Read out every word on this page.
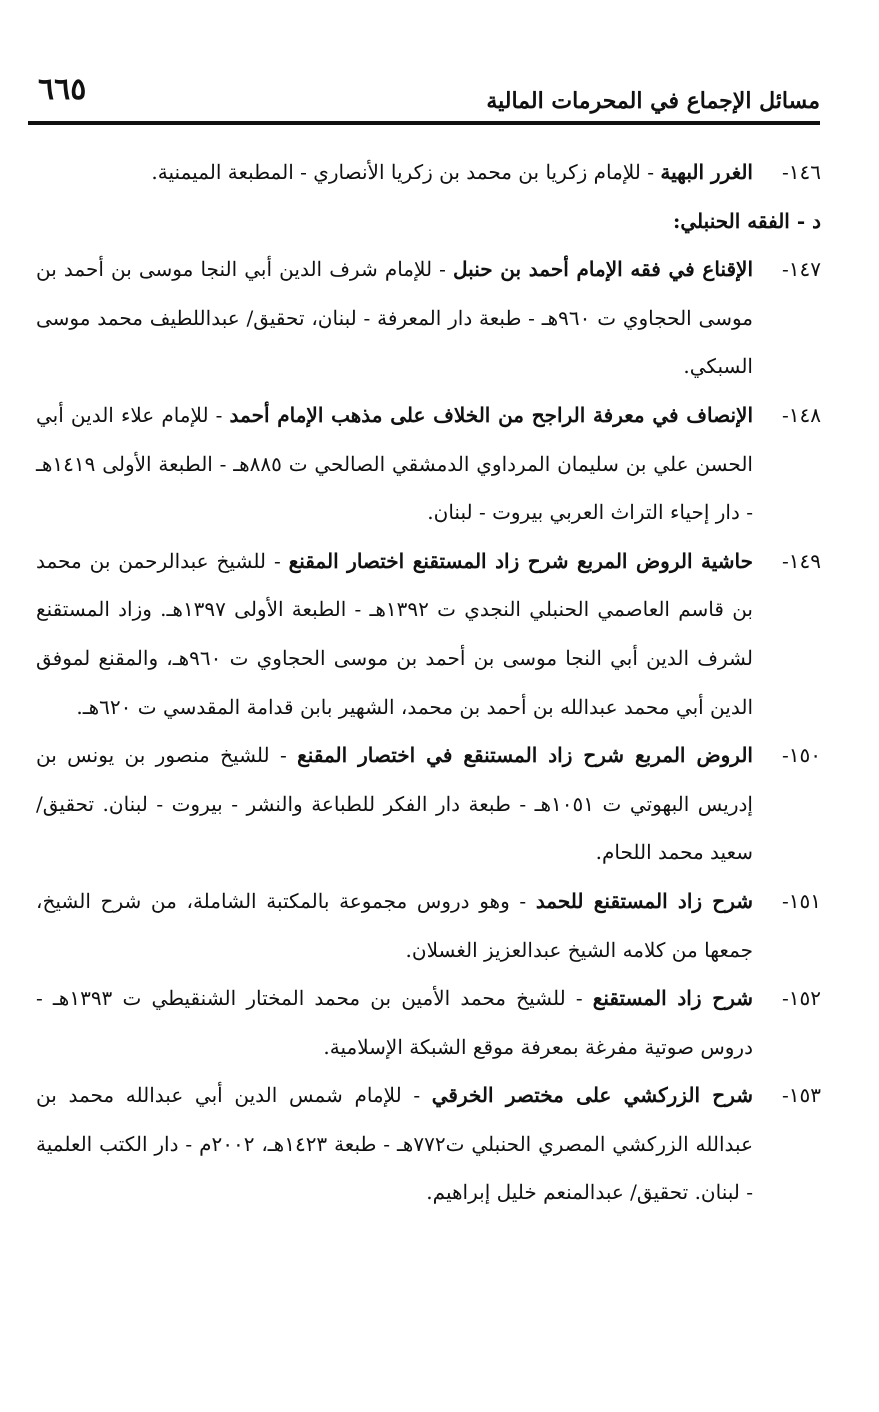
٦٦٥	مسائل الإجماع في المحرمات المالية

١٤٦-
الغرر البهية - للإمام زكريا بن محمد بن زكريا الأنصاري - المطبعة الميمنية.

د - الفقه الحنبلي:

١٤٧-
الإقناع في فقه الإمام أحمد بن حنبل - للإمام شرف الدين أبي النجا موسى بن أحمد بن موسى الحجاوي ت ٩٦٠هـ - طبعة دار المعرفة - لبنان، تحقيق/ عبداللطيف محمد موسى السبكي.

١٤٨-
الإنصاف في معرفة الراجح من الخلاف على مذهب الإمام أحمد - للإمام علاء الدين أبي الحسن علي بن سليمان المرداوي الدمشقي الصالحي ت ٨٨٥هـ - الطبعة الأولى ١٤١٩هـ - دار إحياء التراث العربي بيروت - لبنان.

١٤٩-
حاشية الروض المربع شرح زاد المستقنع اختصار المقنع - للشيخ عبدالرحمن بن محمد بن قاسم العاصمي الحنبلي النجدي ت ١٣٩٢هـ - الطبعة الأولى ١٣٩٧هـ. وزاد المستقنع لشرف الدين أبي النجا موسى بن أحمد بن موسى الحجاوي ت ٩٦٠هـ، والمقنع لموفق الدين أبي محمد عبدالله بن أحمد بن محمد، الشهير بابن قدامة المقدسي ت ٦٢٠هـ.

١٥٠-
الروض المربع شرح زاد المستنقع في اختصار المقنع - للشيخ منصور بن يونس بن إدريس البهوتي ت ١٠٥١هـ - طبعة دار الفكر للطباعة والنشر - بيروت - لبنان. تحقيق/ سعيد محمد اللحام.

١٥١-
شرح زاد المستقنع للحمد - وهو دروس مجموعة بالمكتبة الشاملة، من شرح الشيخ، جمعها من كلامه الشيخ عبدالعزيز الغسلان.

١٥٢-
شرح زاد المستقنع - للشيخ محمد الأمين بن محمد المختار الشنقيطي ت ١٣٩٣هـ - دروس صوتية مفرغة بمعرفة موقع الشبكة الإسلامية.

١٥٣-
شرح الزركشي على مختصر الخرقي - للإمام شمس الدين أبي عبدالله محمد بن عبدالله الزركشي المصري الحنبلي ت٧٧٢هـ - طبعة ١٤٢٣هـ، ٢٠٠٢م - دار الكتب العلمية - لبنان. تحقيق/ عبدالمنعم خليل إبراهيم.
